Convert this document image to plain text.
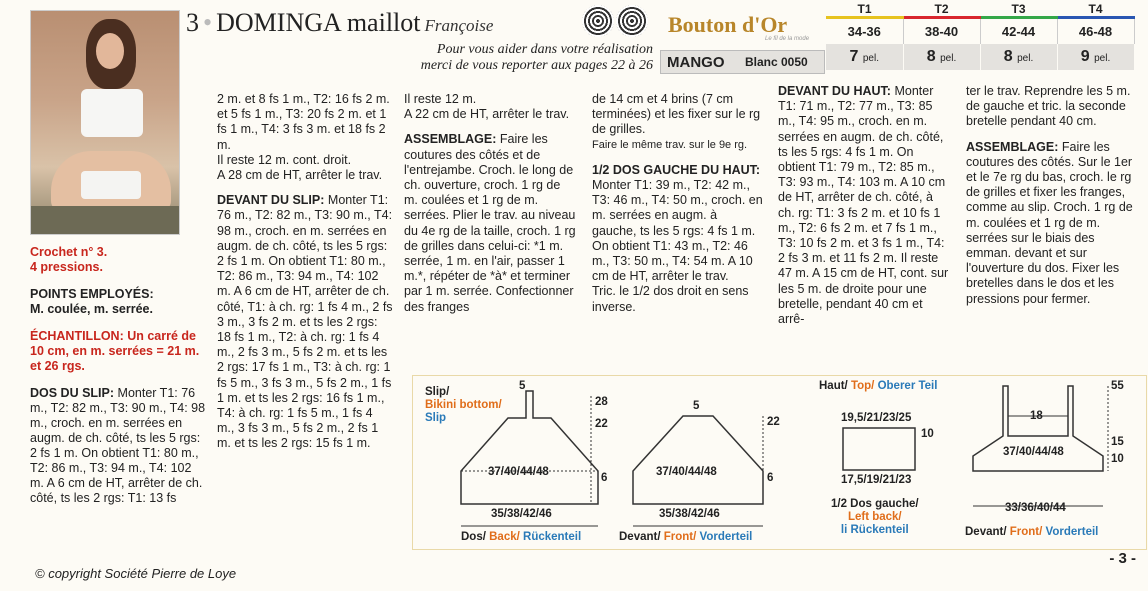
Crochet n° 3.

4 pressions.

POINTS EMPLOYÉS:

M. coulée, m. serrée.

ÉCHANTILLON: Un carré de 10 cm, en m. serrées = 21 m. et 26 rgs.

DOS DU SLIP: Monter T1: 76 m., T2: 82 m., T3: 90 m., T4: 98 m., croch. en m. serrées en augm. de ch. côté, ts les 5 rgs: 2 fs 1 m. On obtient T1: 80 m., T2: 86 m., T3: 94 m., T4: 102 m. A 6 cm de HT, arrêter de ch. côté, ts les 2 rgs: T1: 13 fs

3 • DOMINGA maillot Françoise
Pour vous aider dans votre réalisation
merci de vous reporter aux pages 22 à 26
Bouton d'Or
Le fil de la mode
MANGO	Blanc 0050
T1	T2	T3	T4
34-36	38-40	42-44	46-48
7 pel.	8 pel.	8 pel.	9 pel.

2 m. et 8 fs 1 m., T2: 16 fs 2 m. et 5 fs 1 m., T3: 20 fs 2 m. et 1 fs 1 m., T4: 3 fs 3 m. et 18 fs 2 m.

Il reste 12 m. cont. droit.

A 28 cm de HT, arrêter le trav.

DEVANT DU SLIP: Monter T1: 76 m., T2: 82 m., T3: 90 m., T4: 98 m., croch. en m. serrées en augm. de ch. côté, ts les 5 rgs: 2 fs 1 m. On obtient T1: 80 m., T2: 86 m., T3: 94 m., T4: 102 m. A 6 cm de HT, arrêter de ch. côté, T1: à ch. rg: 1 fs 4 m., 2 fs 3 m., 3 fs 2 m. et ts les 2 rgs: 18 fs 1 m., T2: à ch. rg: 1 fs 4 m., 2 fs 3 m., 5 fs 2 m. et ts les 2 rgs: 17 fs 1 m., T3: à ch. rg: 1 fs 5 m., 3 fs 3 m., 5 fs 2 m., 1 fs 1 m. et ts les 2 rgs: 16 fs 1 m., T4: à ch. rg: 1 fs 5 m., 1 fs 4 m., 3 fs 3 m., 5 fs 2 m., 2 fs 1 m. et ts les 2 rgs: 15 fs 1 m.

Il reste 12 m.

A 22 cm de HT, arrêter le trav.

ASSEMBLAGE: Faire les coutures des côtés et de l'entrejambe. Croch. le long de ch. ouverture, croch. 1 rg de m. coulées et 1 rg de m. serrées. Plier le trav. au niveau du 4e rg de la taille, croch. 1 rg de grilles dans celui-ci: *1 m. serrée, 1 m. en l'air, passer 1 m.*, répéter de *à* et terminer par 1 m. serrée. Confectionner des franges

de 14 cm et 4 brins (7 cm terminées) et les fixer sur le rg de grilles.

Faire le même trav. sur le 9e rg.

1/2 DOS GAUCHE DU HAUT: Monter T1: 39 m., T2: 42 m., T3: 46 m., T4: 50 m., croch. en m. serrées en augm. à gauche, ts les 5 rgs: 4 fs 1 m. On obtient T1: 43 m., T2: 46 m., T3: 50 m., T4: 54 m. A 10 cm de HT, arrêter le trav.

Tric. le 1/2 dos droit en sens inverse.

DEVANT DU HAUT: Monter T1: 71 m., T2: 77 m., T3: 85 m., T4: 95 m., croch. en m. serrées en augm. de ch. côté, ts les 5 rgs: 4 fs 1 m. On obtient T1: 79 m., T2: 85 m., T3: 93 m., T4: 103 m. A 10 cm de HT, arrêter de ch. côté, à ch. rg: T1: 3 fs 2 m. et 10 fs 1 m., T2: 6 fs 2 m. et 7 fs 1 m., T3: 10 fs 2 m. et 3 fs 1 m., T4: 2 fs 3 m. et 11 fs 2 m. Il reste 47 m. A 15 cm de HT, cont. sur les 5 m. de droite pour une bretelle, pendant 40 cm et arrê-

ter le trav. Reprendre les 5 m. de gauche et tric. la seconde bretelle pendant 40 cm.

ASSEMBLAGE: Faire les coutures des côtés. Sur le 1er et le 7e rg du bas, croch. le rg de grilles et fixer les franges, comme au slip. Croch. 1 rg de m. coulées et 1 rg de m. serrées sur le biais des emman. devant et sur l'ouverture du dos. Fixer les bretelles dans le dos et les pressions pour fermer.

Slip/
Bikini bottom/
Slip
5
28
22
37/40/44/48	6
35/38/42/46
Dos/ Back/ Rückenteil
5
22
37/40/44/48	6
35/38/42/46
Devant/ Front/ Vorderteil
Haut/ Top/ Oberer Teil
19,5/21/23/25
10
17,5/19/21/23
1/2 Dos gauche/
Left back/
li Rückenteil
18
55
15
10
37/40/44/48
33/36/40/44
Devant/ Front/ Vorderteil
© copyright Société Pierre de Loye
- 3 -
